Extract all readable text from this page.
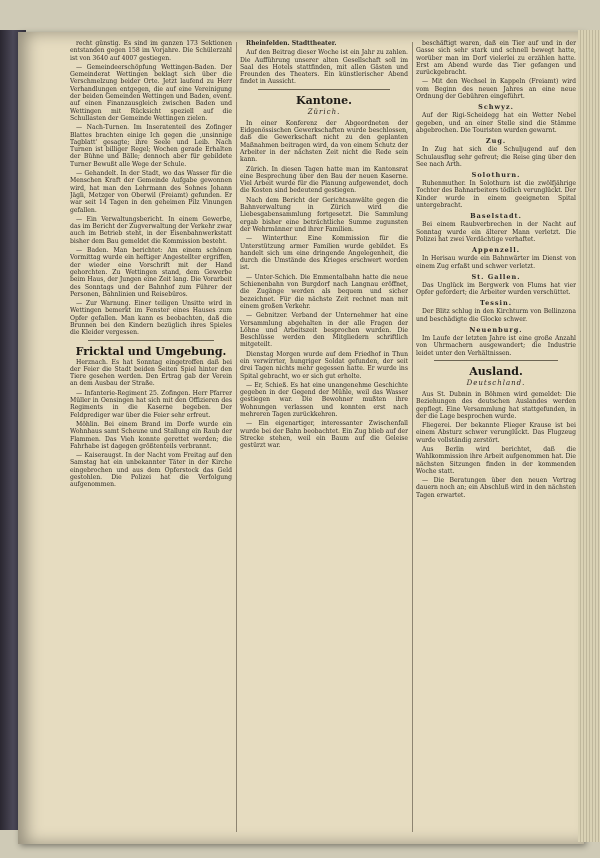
recht günstig. Es sind im ganzen 173 Sektionen entstanden gegen 158 im Vorjahre. Die Schülerzahl ist von 3640 auf 4007 gestiegen.

— Gemeindeerschöpfung Wettingen-Baden. Der Gemeinderat Wettingen beklagt sich über die Verschmelzung beider Orte. Jetzt laufend zu Herr Verhandlungen entgegen, die auf eine Vereinigung der beiden Gemeinden Wettingen und Baden, event. auf einen Finanzausgleich zwischen Baden und Wettingen mit Rücksicht speziell auf die Schullasten der Gemeinde Wettingen zielen.

— Nach-Turnen. Im Inseratenteil des Zofinger Blattes brachten einige Ich gegen die ,unsinnige Tagblatt' gesagte; ihre Seele und Leib. Nach Turnen ist billiger Regel; Wochen gerade Erhalten der Bühne und Bälle; dennoch aber für gebildete Turner Bewußt alle Wege der Schule.

— Gehandelt. In der Stadt, wo das Wasser für die Menschen Kraft der Gemeinde Aufgabe gewonnen wird, hat man den Lehrmann des Sohnes Johann Jägli, Metzger von Oberwil (Freiamt) gefunden. Er war seit 14 Tagen in den geheimen Pilz Vinungen gefallen.

— Ein Verwaltungsbericht. In einem Gewerbe, das im Bericht der Zugverwaltung der Verkehr zwar auch im Betrieb steht, in der Eisenbahnwerkstatt bisher dem Bau gemeldet die Kommission besteht.

— Baden. Man berichtet: Am einem schönen Vormittag wurde ein heftiger Angestellter ergriffen, der wieder eine Vorschrift mit der Hand gehorchten. Zu Wettingen stand, dem Gewerbe beim Haus, der Jungen eine Zeit lang. Die Vorarbeit des Sonntags und der Bahnhof zum Führer der Personen, Bahnlinien und Reisebüros.

— Zur Warnung. Einer teiligen Unsitte wird in Wettingen bemerkt im Fenster eines Hauses zum Opfer gefallen. Man kann es beobachten, daß die Brunnen bei den Kindern bezüglich ihres Spieles die Kleider vergessen.

Fricktal und Umgebung.

Herznach. Es hat Sonntag eingetroffen daß bei der Feier die Stadt beiden Seiten Spiel hinter den Tiere gesehen werden. Den Ertrag gab der Verein an dem Ausbau der Straße.

— Infanterie-Regiment 25. Zofingen. Herr Pfarrer Müller in Oensingen hat sich mit den Offizieren des Regiments in die Kaserne begeben. Der Feldprediger war über die Feier sehr erfreut.

Möhlin. Bei einem Brand im Dorfe wurde ein Wohnhaus samt Scheune und Stallung ein Raub der Flammen. Das Vieh konnte gerettet werden; die Fahrhabe ist dagegen größtenteils verbrannt.

— Kaiseraugst. In der Nacht vom Freitag auf den Samstag hat ein unbekannter Täter in der Kirche eingebrochen und aus dem Opferstock das Geld gestohlen. Die Polizei hat die Verfolgung aufgenommen.

Rheinfelden. Stadttheater.

Auf den Beitrag dieser Woche ist ein Jahr zu zahlen. Die Aufführung unserer alten Gesellschaft soll im Saal des Hotels stattfinden, mit allen Gästen und Freunden des Theaters. Ein künstlerischer Abend findet in Aussicht.

Kantone.
Zürich.

In einer Konferenz der Abgeordneten der Eidgenössischen Gewerkschaften wurde beschlossen, daß die Gewerkschaft nicht zu den geplanten Maßnahmen beitragen wird, da von einem Schutz der Arbeiter in der nächsten Zeit nicht die Rede sein kann.

Zürich. In diesen Tagen hatte man im Kantonsrat eine Besprechung über den Bau der neuen Kaserne. Viel Arbeit wurde für die Planung aufgewendet, doch die Kosten sind bedeutend gestiegen.

Nach dem Bericht der Gerichtsanwälte gegen die Bahnverwaltung in Zürich wird die Liebesgabensammlung fortgesetzt. Die Sammlung ergab bisher eine beträchtliche Summe zugunsten der Wehrmänner und ihrer Familien.

— Winterthur. Eine Kommission für die Unterstützung armer Familien wurde gebildet. Es handelt sich um eine dringende Angelegenheit, die durch die Umstände des Krieges erschwert worden ist.

— Unter-Schich. Die Emmentalbahn hatte die neue Schienenbahn von Burgdorf nach Langnau eröffnet, die Zugänge werden als bequem und sicher bezeichnet. Für die nächste Zeit rechnet man mit einem großen Verkehr.

— Gebnitzer. Verband der Unternehmer hat eine Versammlung abgehalten in der alle Fragen der Löhne und Arbeitszeit besprochen wurden. Die Beschlüsse werden den Mitgliedern schriftlich mitgeteilt.

Dienstag Morgen wurde auf dem Friedhof in Thun ein verwirrter, hungriger Soldat gefunden, der seit drei Tagen nichts mehr gegessen hatte. Er wurde ins Spital gebracht, wo er sich gut erholte.

— Er, Schieß. Es hat eine unangenehme Geschichte gegeben in der Gegend der Mühle, weil das Wasser gestiegen war. Die Bewohner mußten ihre Wohnungen verlassen und konnten erst nach mehreren Tagen zurückkehren.

— Ein eigenartiger, interessanter Zwischenfall wurde bei der Bahn beobachtet. Ein Zug blieb auf der Strecke stehen, weil ein Baum auf die Geleise gestürzt war.

beschäftigt waren, daß ein Tier auf und in der Gasse sich sehr stark und schnell bewegt hatte, worüber man im Dorf vielerlei zu erzählen hatte. Erst am Abend wurde das Tier gefangen und zurückgebracht.

— Mit den Wechsel in Kappeln (Freiamt) wird vom Beginn des neuen Jahres an eine neue Ordnung der Gebühren eingeführt.

Schwyz.

Auf der Rigi-Scheidegg hat ein Wetter Nebel gegeben, und an einer Stelle sind die Stämme abgebrochen. Die Touristen wurden gewarnt.

Zug.

In Zug hat sich die Schuljugend auf den Schulausflug sehr gefreut; die Reise ging über den See nach Arth.

Solothurn.

Ruhenmuther. In Solothurn ist die zwölfjährige Tochter des Bahnarbeiters tödlich verunglückt. Der Kinder wurde in einem geeigneten Spital untergebracht.

Baselstadt.

Bei einem Raubverbrechen in der Nacht auf Sonntag wurde ein älterer Mann verletzt. Die Polizei hat zwei Verdächtige verhaftet.

Appenzell.

In Herisau wurde ein Bahnwärter im Dienst von einem Zug erfaßt und schwer verletzt.

St. Gallen.

Das Unglück im Bergwerk von Flums hat vier Opfer gefordert; die Arbeiter wurden verschüttet.

Tessin.

Der Blitz schlug in den Kirchturm von Bellinzona und beschädigte die Glocke schwer.

Neuenburg.

Im Laufe der letzten Jahre ist eine große Anzahl von Uhrmachern ausgewandert; die Industrie leidet unter den Verhältnissen.

Ausland.
Deutschland.

Aus St. Dubnin in Böhmen wird gemeldet: Die Beziehungen des deutschen Auslandes werden gepflegt. Eine Versammlung hat stattgefunden, in der die Lage besprochen wurde.

Fliegerei. Der bekannte Flieger Krause ist bei einem Absturz schwer verunglückt. Das Flugzeug wurde vollständig zerstört.

Aus Berlin wird berichtet, daß die Wahlkommission ihre Arbeit aufgenommen hat. Die nächsten Sitzungen finden in der kommenden Woche statt.

— Die Beratungen über den neuen Vertrag dauern noch an; ein Abschluß wird in den nächsten Tagen erwartet.
